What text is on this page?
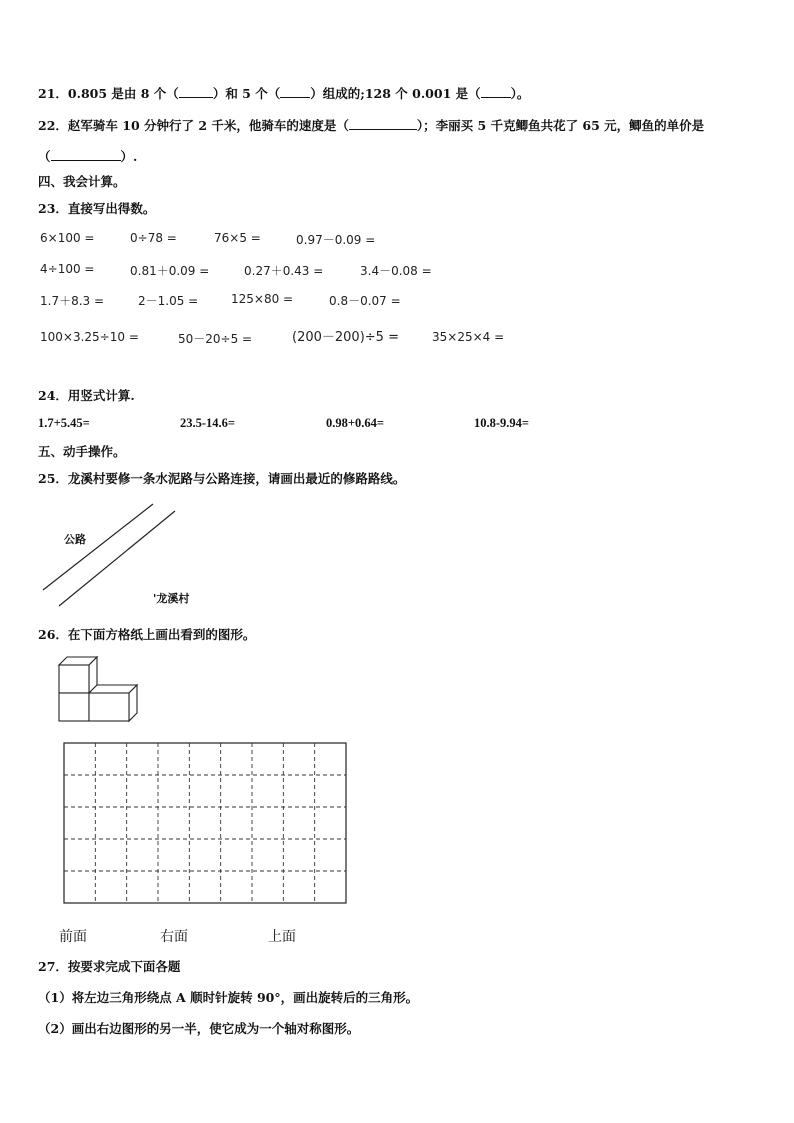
21．0.805 是由 8 个（	）和 5 个（ ）组成的;128 个 0.001 是（ ）。
22．赵军骑车 10 分钟行了 2 千米，他骑车的速度是（	）；李丽买 5 千克鲫鱼共花了 65 元，鲫鱼的单价是
（	）.
四、我会计算。
23．直接写出得数。
6×100 =	0÷78 =	76×5 =	0.97－0.09 =
4÷100 =	0.81＋0.09 =	0.27＋0.43 =	3.4－0.08 =
1.7＋8.3 =	2－1.05 =	125×80 =	0.8－0.07 =
100×3.25÷10 =	50－20÷5 =	(200－200)÷5 =	35×25×4 =
24．用竖式计算.
1.7+5.45=	23.5-14.6=	0.98+0.64=	10.8-9.94=
五、动手操作。
25．龙溪村要修一条水泥路与公路连接，请画出最近的修路路线。
公路
'龙溪村
26．在下面方格纸上画出看到的图形。
前面	右面	上面
27．按要求完成下面各题
（1）将左边三角形绕点 A 顺时针旋转 90°，画出旋转后的三角形。
（2）画出右边图形的另一半，使它成为一个轴对称图形。
